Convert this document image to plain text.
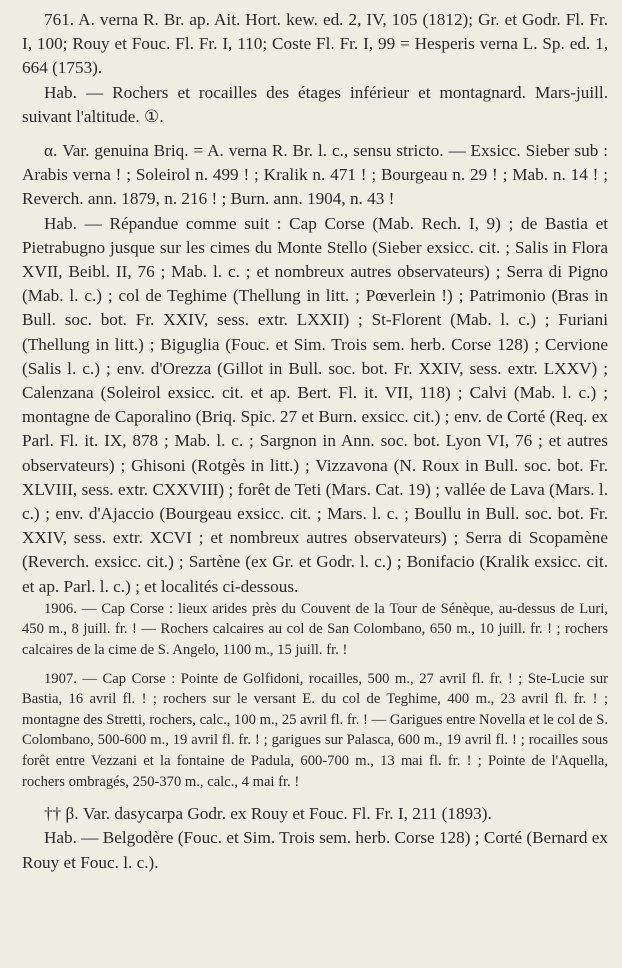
761. A. verna R. Br. ap. Ait. Hort. kew. ed. 2, IV, 105 (1812); Gr. et Godr. Fl. Fr. I, 100; Rouy et Fouc. Fl. Fr. I, 110; Coste Fl. Fr. I, 99 = Hesperis verna L. Sp. ed. 1, 664 (1753).

Hab. — Rochers et rocailles des étages inférieur et montagnard. Mars-juill. suivant l'altitude. ①.

α. Var. genuina Briq. = A. verna R. Br. l. c., sensu stricto. — Exsicc. Sieber sub : Arabis verna ! ; Soleirol n. 499 ! ; Kralik n. 471 ! ; Bourgeau n. 29 ! ; Mab. n. 14 ! ; Reverch. ann. 1879, n. 216 ! ; Burn. ann. 1904, n. 43 !

Hab. — Répandue comme suit : Cap Corse (Mab. Rech. I, 9) ; de Bastia et Pietrabugno jusque sur les cimes du Monte Stello (Sieber exsicc. cit. ; Salis in Flora XVII, Beibl. II, 76 ; Mab. l. c. ; et nombreux autres observateurs) ; Serra di Pigno (Mab. l. c.) ; col de Teghime (Thellung in litt. ; Pœverlein !) ; Patrimonio (Bras in Bull. soc. bot. Fr. XXIV, sess. extr. LXXII) ; St-Florent (Mab. l. c.) ; Furiani (Thellung in litt.) ; Biguglia (Fouc. et Sim. Trois sem. herb. Corse 128) ; Cervione (Salis l. c.) ; env. d'Orezza (Gillot in Bull. soc. bot. Fr. XXIV, sess. extr. LXXV) ; Calenzana (Soleirol exsicc. cit. et ap. Bert. Fl. it. VII, 118) ; Calvi (Mab. l. c.) ; montagne de Caporalino (Briq. Spic. 27 et Burn. exsicc. cit.) ; env. de Corté (Req. ex Parl. Fl. it. IX, 878 ; Mab. l. c. ; Sargnon in Ann. soc. bot. Lyon VI, 76 ; et autres observateurs) ; Ghisoni (Rotgès in litt.) ; Vizzavona (N. Roux in Bull. soc. bot. Fr. XLVIII, sess. extr. CXXVIII) ; forêt de Teti (Mars. Cat. 19) ; vallée de Lava (Mars. l. c.) ; env. d'Ajaccio (Bourgeau exsicc. cit. ; Mars. l. c. ; Boullu in Bull. soc. bot. Fr. XXIV, sess. extr. XCVI ; et nombreux autres observateurs) ; Serra di Scopamène (Reverch. exsicc. cit.) ; Sartène (ex Gr. et Godr. l. c.) ; Bonifacio (Kralik exsicc. cit. et ap. Parl. l. c.) ; et localités ci-dessous.

1906. — Cap Corse : lieux arides près du Couvent de la Tour de Sénèque, au-dessus de Luri, 450 m., 8 juill. fr. ! — Rochers calcaires au col de San Colombano, 650 m., 10 juill. fr. ! ; rochers calcaires de la cime de S. Angelo, 1100 m., 15 juill. fr. !

1907. — Cap Corse : Pointe de Golfidoni, rocailles, 500 m., 27 avril fl. fr. ! ; Ste-Lucie sur Bastia, 16 avril fl. ! ; rochers sur le versant E. du col de Teghime, 400 m., 23 avril fl. fr. ! ; montagne des Stretti, rochers, calc., 100 m., 25 avril fl. fr. ! — Garigues entre Novella et le col de S. Colombano, 500-600 m., 19 avril fl. fr. ! ; garigues sur Palasca, 600 m., 19 avril fl. ! ; rocailles sous forêt entre Vezzani et la fontaine de Padula, 600-700 m., 13 mai fl. fr. ! ; Pointe de l'Aquella, rochers ombragés, 250-370 m., calc., 4 mai fr. !

†† β. Var. dasycarpa Godr. ex Rouy et Fouc. Fl. Fr. I, 211 (1893).

Hab. — Belgodère (Fouc. et Sim. Trois sem. herb. Corse 128) ; Corté (Bernard ex Rouy et Fouc. l. c.).
